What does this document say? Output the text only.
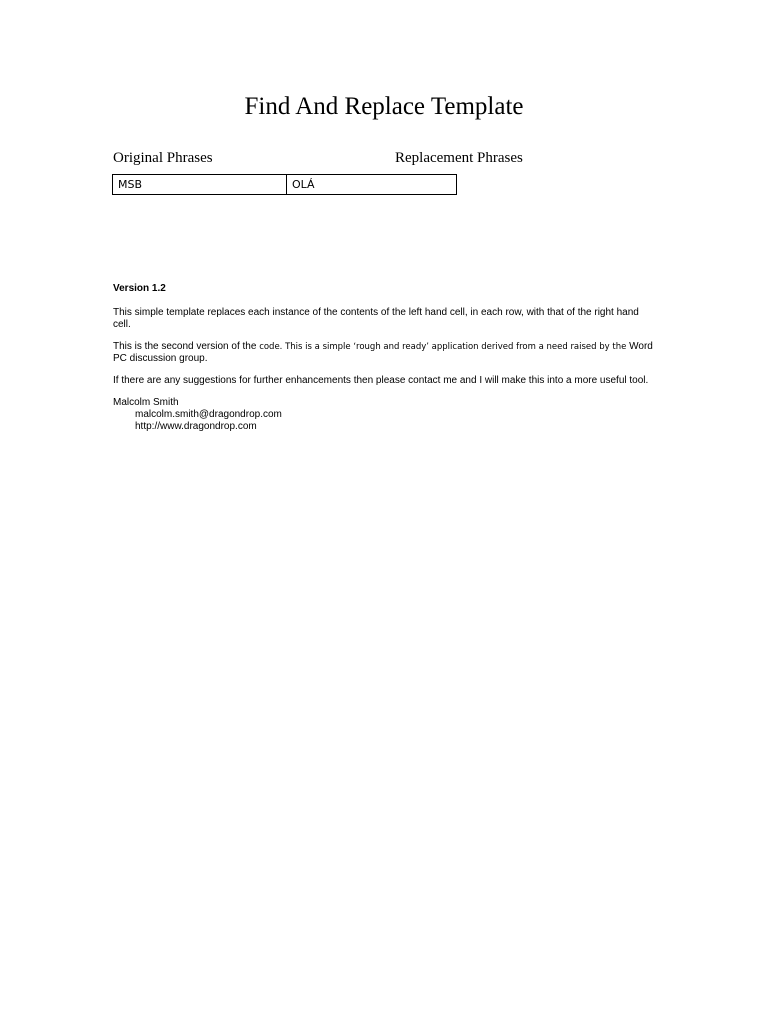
Find And Replace Template
Original Phrases	Replacement Phrases
MSB	OLÁ

Version 1.2

This simple template replaces each instance of the contents of the left hand cell, in each row, with that of the right hand cell.

This is the second version of the code. This is a simple ‘rough and ready’ application derived from a need raised by the Word PC discussion group.

If there are any suggestions for further enhancements then please contact me and I will make this into a more useful tool.

Malcolm Smith
malcolm.smith@dragondrop.com
http://www.dragondrop.com
